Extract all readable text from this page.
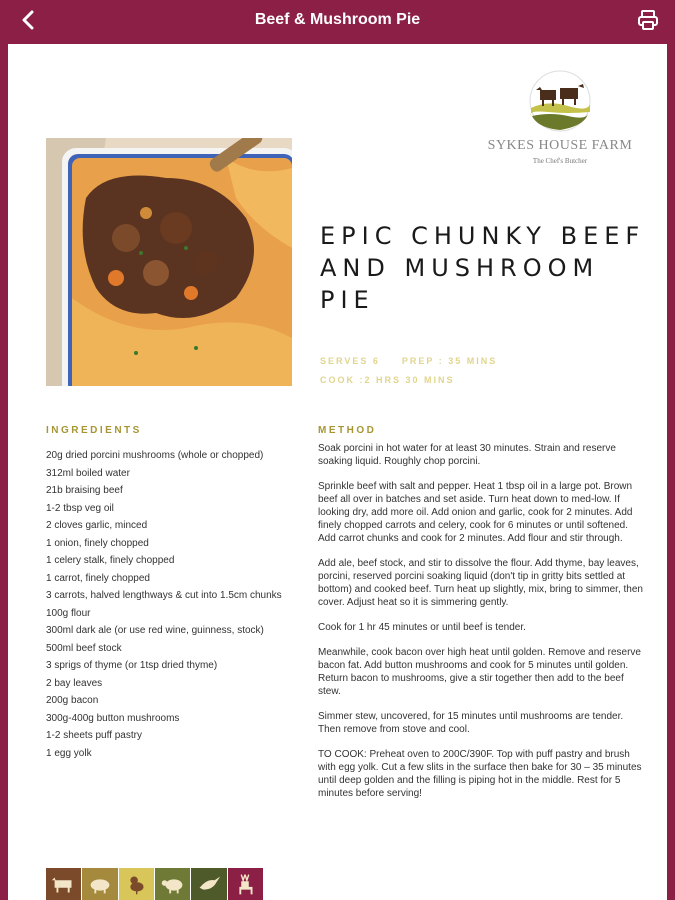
Beef & Mushroom Pie
SYKES HOUSE FARM
The Chef's Butcher
EPIC CHUNKY BEEF AND MUSHROOM PIE
SERVES 6 PREP : 35 MINS
COOK :2 HRS 30 MINS
INGREDIENTS
20g dried porcini mushrooms (whole or chopped)
312ml boiled water
21b braising beef
1-2 tbsp veg oil
2 cloves garlic, minced
1 onion, finely chopped
1 celery stalk, finely chopped
1 carrot, finely chopped
3 carrots, halved lengthways & cut into 1.5cm chunks
100g flour
300ml dark ale (or use red wine, guinness, stock)
500ml beef stock
3 sprigs of thyme (or 1tsp dried thyme)
2 bay leaves
200g bacon
300g-400g button mushrooms
1-2 sheets puff pastry
1 egg yolk
METHOD

Soak porcini in hot water for at least 30 minutes. Strain and reserve soaking liquid. Roughly chop porcini.

Sprinkle beef with salt and pepper. Heat 1 tbsp oil in a large pot. Brown beef all over in batches and set aside. Turn heat down to med-low. If looking dry, add more oil. Add onion and garlic, cook for 2 minutes. Add finely chopped carrots and celery, cook for 6 minutes or until softened. Add carrot chunks and cook for 2 minutes. Add flour and stir through.

Add ale, beef stock, and stir to dissolve the flour. Add thyme, bay leaves, porcini, reserved porcini soaking liquid (don't tip in gritty bits settled at bottom) and cooked beef. Turn heat up slightly, mix, bring to simmer, then cover. Adjust heat so it is simmering gently.

Cook for 1 hr 45 minutes or until beef is tender.

Meanwhile, cook bacon over high heat until golden. Remove and reserve bacon fat. Add button mushrooms and cook for 5 minutes until golden. Return bacon to mushrooms, give a stir together then add to the beef stew.

Simmer stew, uncovered, for 15 minutes until mushrooms are tender. Then remove from stove and cool.

TO COOK: Preheat oven to 200C/390F. Top with puff pastry and brush with egg yolk. Cut a few slits in the surface then bake for 30 – 35 minutes until deep golden and the filling is piping hot in the middle. Rest for 5 minutes before serving!
